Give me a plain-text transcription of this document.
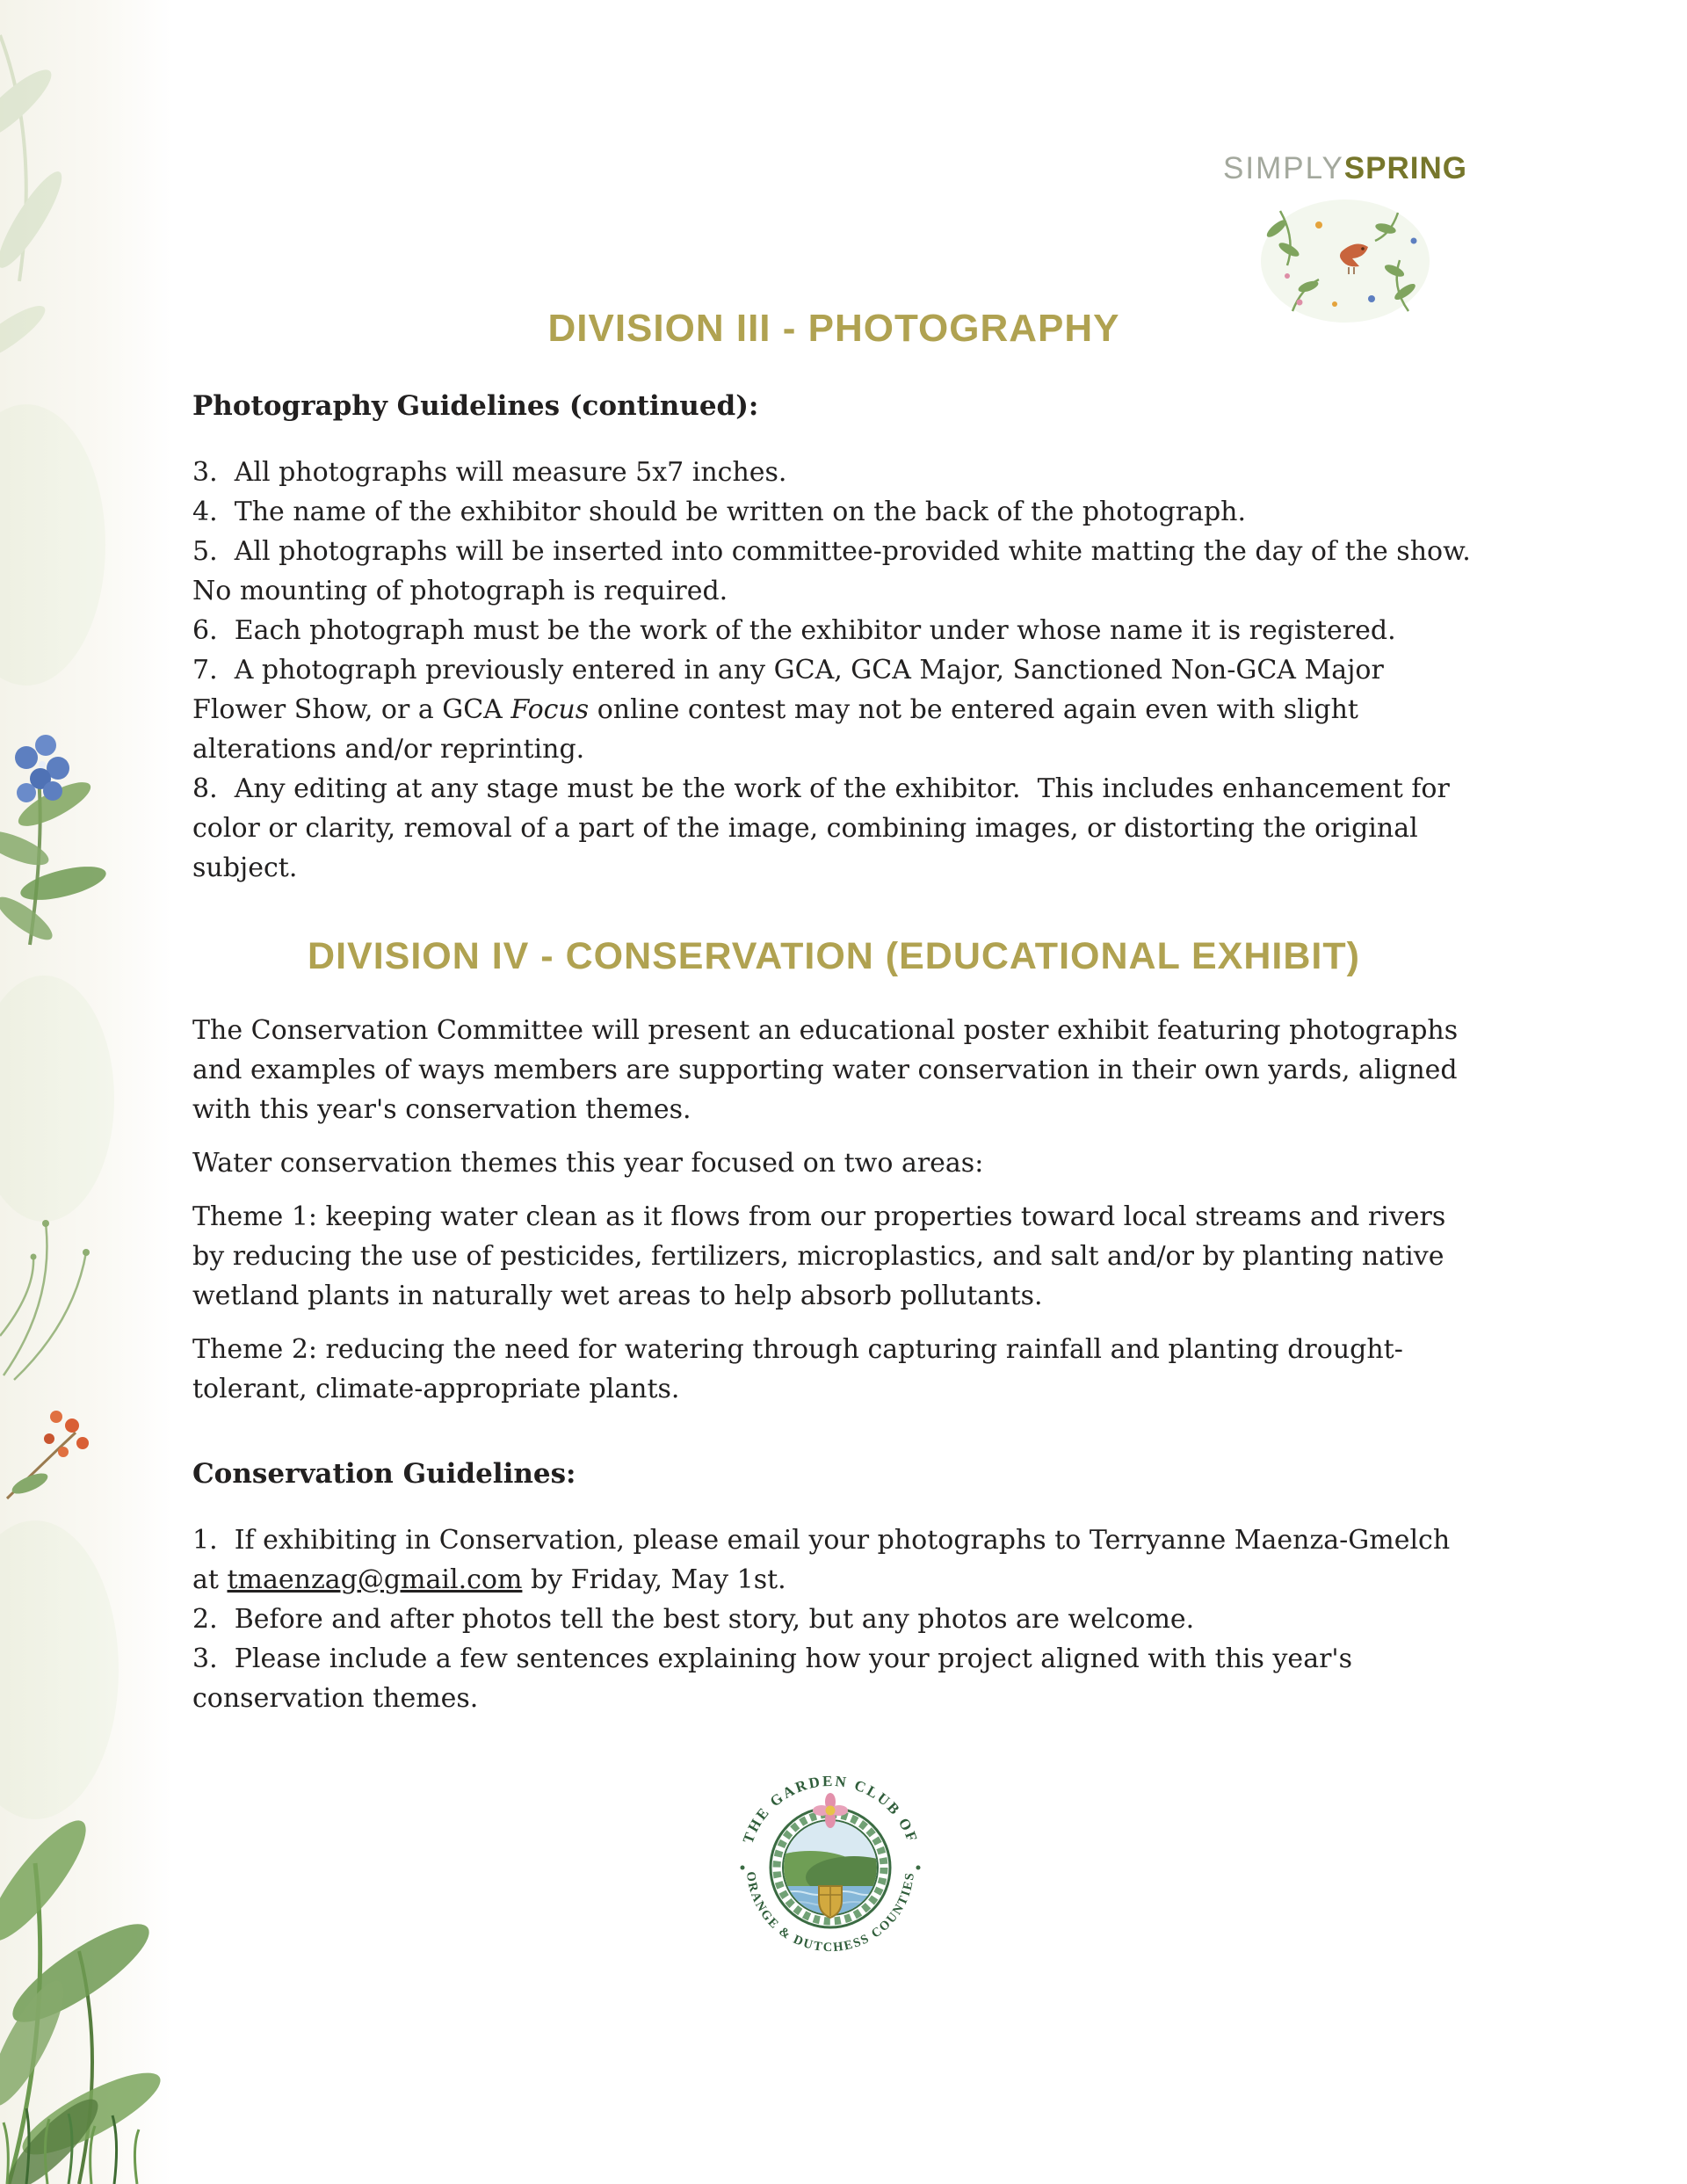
SIMPLYSPRING
DIVISION III - PHOTOGRAPHY

Photography Guidelines (continued):

3.  All photographs will measure 5x7 inches.

4.  The name of the exhibitor should be written on the back of the photograph.

5.  All photographs will be inserted into committee-provided white matting the day of the show.  No mounting of photograph is required.

6.  Each photograph must be the work of the exhibitor under whose name it is registered.

7.  A photograph previously entered in any GCA, GCA Major, Sanctioned Non-GCA Major Flower Show, or a GCA Focus online contest may not be entered again even with slight alterations and/or reprinting.

8.  Any editing at any stage must be the work of the exhibitor.  This includes enhancement for color or clarity, removal of a part of the image, combining images, or distorting the original subject.

DIVISION IV - CONSERVATION (EDUCATIONAL EXHIBIT)

The Conservation Committee will present an educational poster exhibit featuring photographs and examples of ways members are supporting water conservation in their own yards, aligned with this year's conservation themes.

Water conservation themes this year focused on two areas:

Theme 1: keeping water clean as it flows from our properties toward local streams and rivers by reducing the use of pesticides, fertilizers, microplastics, and salt and/or by planting native wetland plants in naturally wet areas to help absorb pollutants.

Theme 2: reducing the need for watering through capturing rainfall and planting drought-tolerant, climate-appropriate plants.

Conservation Guidelines:

1.  If exhibiting in Conservation, please email your photographs to Terryanne Maenza-Gmelch at tmaenzag@gmail.com by Friday, May 1st.

2.  Before and after photos tell the best story, but any photos are welcome.

3.  Please include a few sentences explaining how your project aligned with this year's conservation themes.

THE GARDEN CLUB OF
ORANGE & DUTCHESS COUNTIES
